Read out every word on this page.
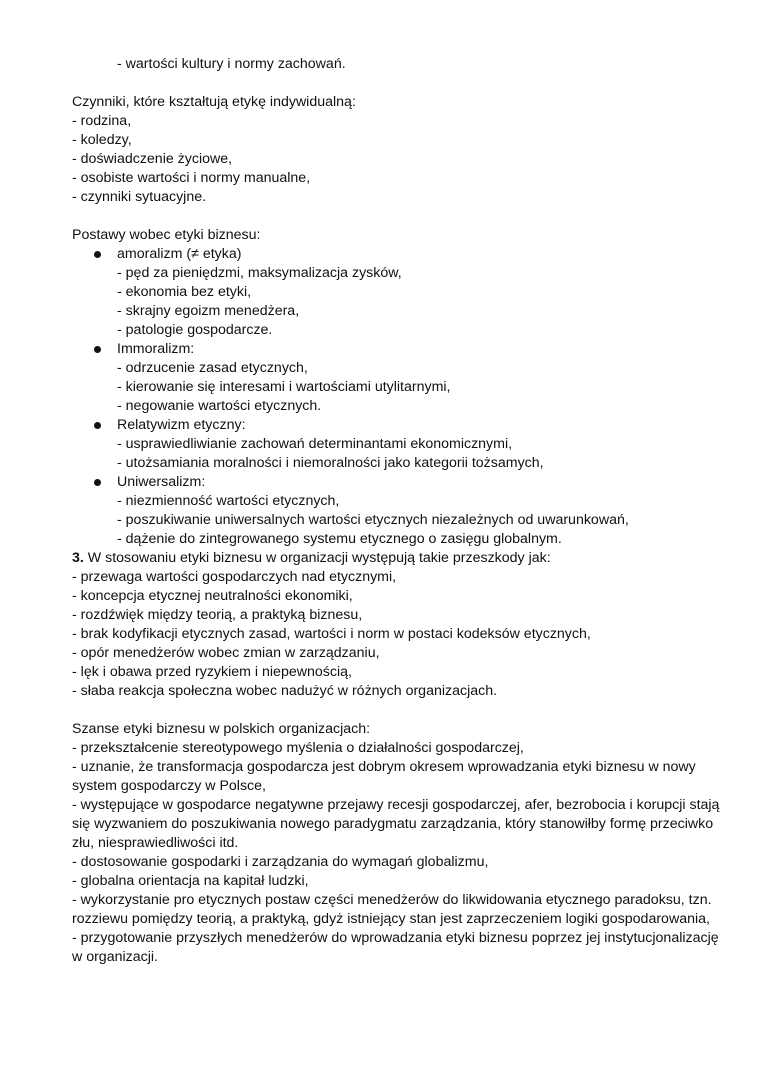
- wartości kultury i normy zachowań.
Czynniki, które kształtują etykę indywidualną:
- rodzina,
- koledzy,
- doświadczenie życiowe,
- osobiste wartości i normy manualne,
- czynniki sytuacyjne.
Postawy wobec etyki biznesu:
amoralizm (≠ etyka)
- pęd za pieniędzmi, maksymalizacja zysków,
- ekonomia bez etyki,
- skrajny egoizm menedżera,
- patologie gospodarcze.
Immoralizm:
- odrzucenie zasad etycznych,
- kierowanie się interesami i wartościami utylitarnymi,
- negowanie wartości etycznych.
Relatywizm etyczny:
- usprawiedliwianie zachowań determinantami ekonomicznymi,
- utożsamiania moralności i niemoralności jako kategorii tożsamych,
Uniwersalizm:
- niezmienność wartości etycznych,
- poszukiwanie uniwersalnych wartości etycznych niezależnych od uwarunkowań,
- dążenie do zintegrowanego systemu etycznego o zasięgu globalnym.
3. W stosowaniu etyki biznesu w organizacji występują takie przeszkody jak:
- przewaga wartości gospodarczych nad etycznymi,
- koncepcja etycznej neutralności ekonomiki,
- rozdźwięk między teorią, a praktyką biznesu,
- brak kodyfikacji etycznych zasad, wartości i norm w postaci kodeksów etycznych,
- opór menedżerów wobec zmian w zarządzaniu,
- lęk i obawa przed ryzykiem i niepewnością,
- słaba reakcja społeczna wobec nadużyć w różnych organizacjach.
Szanse etyki biznesu w polskich organizacjach:
- przekształcenie stereotypowego myślenia o działalności gospodarczej,
- uznanie, że transformacja gospodarcza jest dobrym okresem wprowadzania etyki biznesu w nowy
system gospodarczy w Polsce,
- występujące w gospodarce negatywne przejawy recesji gospodarczej, afer, bezrobocia i korupcji stają
się wyzwaniem do poszukiwania nowego paradygmatu zarządzania, który stanowiłby formę przeciwko
złu, niesprawiedliwości itd.
- dostosowanie gospodarki i zarządzania do wymagań globalizmu,
- globalna orientacja na kapitał ludzki,
- wykorzystanie pro etycznych postaw części menedżerów do likwidowania etycznego paradoksu, tzn.
rozziewu pomiędzy teorią, a praktyką, gdyż istniejący stan jest zaprzeczeniem logiki gospodarowania,
- przygotowanie przyszłych menedżerów do wprowadzania etyki biznesu poprzez jej instytucjonalizację
w organizacji.
